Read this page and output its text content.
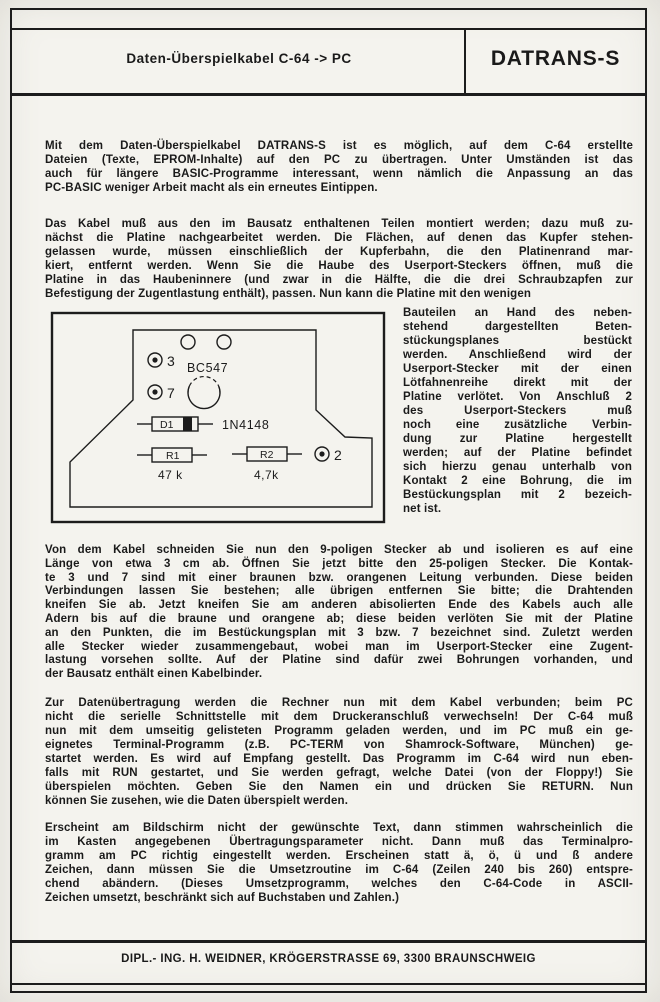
Daten-Überspielkabel C-64 -> PC	DATRANS-S
Mit dem Daten-Überspielkabel DATRANS-S ist es möglich, auf dem C-64 erstellte
Dateien (Texte, EPROM-Inhalte) auf den PC zu übertragen. Unter Umständen ist das
auch für längere BASIC-Programme interessant, wenn nämlich die Anpassung an das
PC-BASIC weniger Arbeit macht als ein erneutes Eintippen.
Das Kabel muß aus den im Bausatz enthaltenen Teilen montiert werden; dazu muß zu-
nächst die Platine nachgearbeitet werden. Die Flächen, auf denen das Kupfer stehen-
gelassen wurde, müssen einschließlich der Kupferbahn, die den Platinenrand mar-
kiert, entfernt werden. Wenn Sie die Haube des Userport-Steckers öffnen, muß die
Platine in das Haubeninnere (und zwar in die Hälfte, die die drei Schraubzapfen zur
Befestigung der Zugentlastung enthält), passen. Nun kann die Platine mit den wenigen
Bauteilen an Hand des neben-
stehend dargestellten Beten-
stückungsplanes bestückt
werden. Anschließend wird der
Userport-Stecker mit der einen
Lötfahnenreihe direkt mit der
Platine verlötet. Von Anschluß 2
des Userport-Steckers muß
noch eine zusätzliche Verbin-
dung zur Platine hergestellt
werden; auf der Platine befindet
sich hierzu genau unterhalb von
Kontakt 2 eine Bohrung, die im
Bestückungsplan mit 2 bezeich-
net ist.
Von dem Kabel schneiden Sie nun den 9-poligen Stecker ab und isolieren es auf eine
Länge von etwa 3 cm ab. Öffnen Sie jetzt bitte den 25-poligen Stecker. Die Kontak-
te 3 und 7 sind mit einer braunen bzw. orangenen Leitung verbunden. Diese beiden
Verbindungen lassen Sie bestehen; alle übrigen entfernen Sie bitte; die Drahtenden
kneifen Sie ab. Jetzt kneifen Sie am anderen abisolierten Ende des Kabels auch alle
Adern bis auf die braune und orangene ab; diese beiden verlöten Sie mit der Platine
an den Punkten, die im Bestückungsplan mit 3 bzw. 7 bezeichnet sind. Zuletzt werden
alle Stecker wieder zusammengebaut, wobei man im Userport-Stecker eine Zugent-
lastung vorsehen sollte. Auf der Platine sind dafür zwei Bohrungen vorhanden, und
der Bausatz enthält einen Kabelbinder.
Zur Datenübertragung werden die Rechner nun mit dem Kabel verbunden; beim PC
nicht die serielle Schnittstelle mit dem Druckeranschluß verwechseln! Der C-64 muß
nun mit dem umseitig gelisteten Programm geladen werden, und im PC muß ein ge-
eignetes Terminal-Programm (z.B. PC-TERM von Shamrock-Software, München) ge-
startet werden. Es wird auf Empfang gestellt. Das Programm im C-64 wird nun eben-
falls mit RUN gestartet, und Sie werden gefragt, welche Datei (von der Floppy!) Sie
überspielen möchten. Geben Sie den Namen ein und drücken Sie RETURN. Nun
können Sie zusehen, wie die Daten überspielt werden.
Erscheint am Bildschirm nicht der gewünschte Text, dann stimmen wahrscheinlich die
im Kasten angegebenen Übertragungsparameter nicht. Dann muß das Terminalpro-
gramm am PC richtig eingestellt werden. Erscheinen statt ä, ö, ü und ß andere
Zeichen, dann müssen Sie die Umsetzroutine im C-64 (Zeilen 240 bis 260) entspre-
chend abändern. (Dieses Umsetzprogramm, welches den C-64-Code in ASCII-
Zeichen umsetzt, beschränkt sich auf Buchstaben und Zahlen.)
3 BC547
7
D1	1N4148
R1
47 k
R2
4,7k
2
DIPL.- ING. H. WEIDNER, KRÖGERSTRASSE 69, 3300 BRAUNSCHWEIG
